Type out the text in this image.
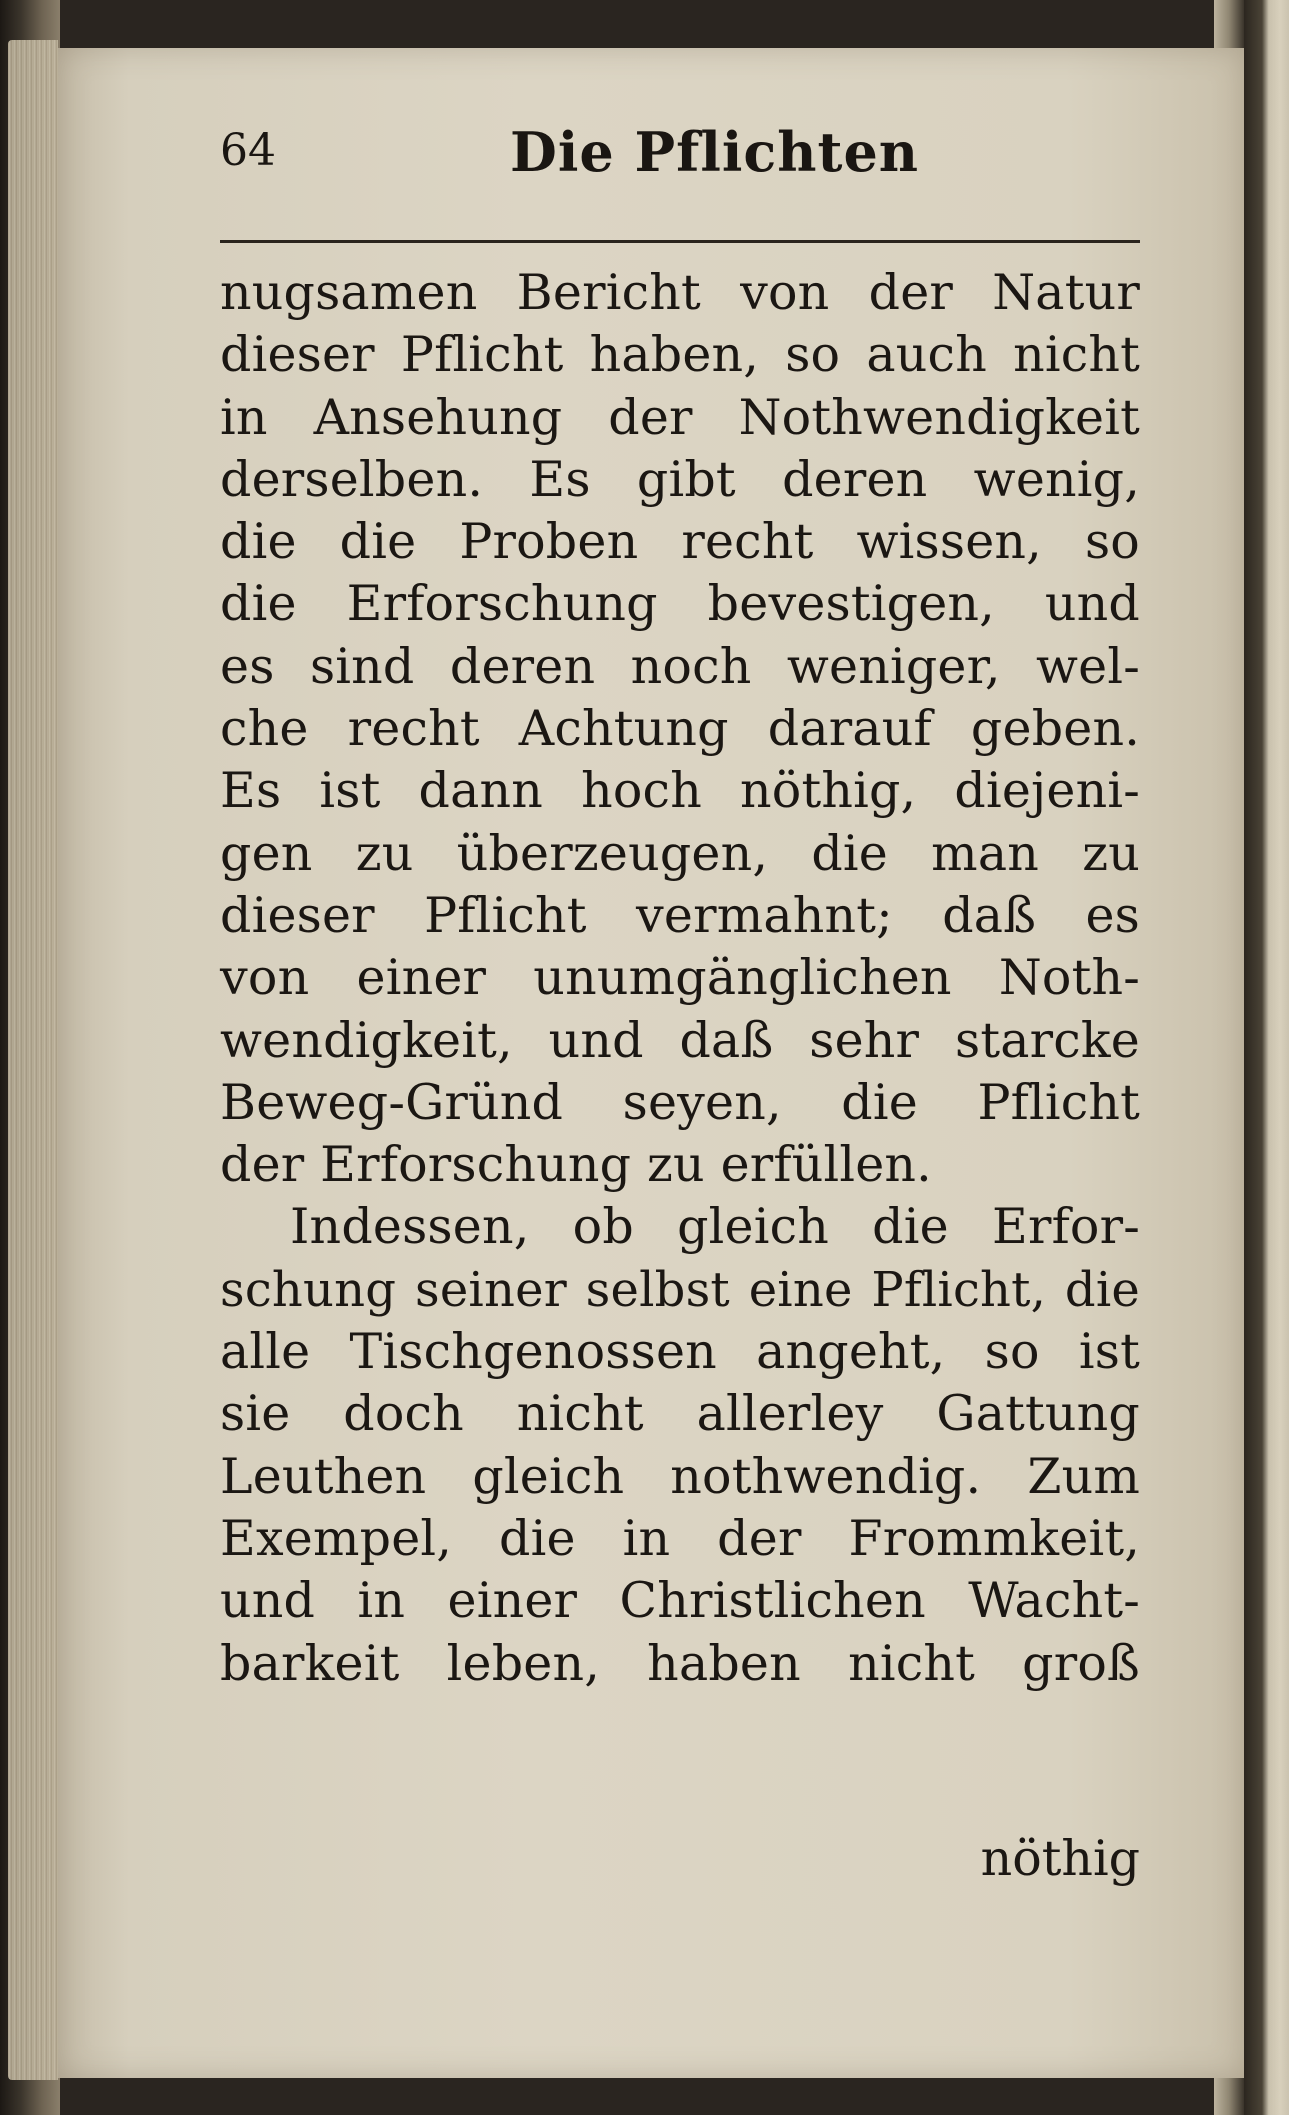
64	Die Pflichten
nugsamen Bericht von der Natur
dieser Pflicht haben, so auch nicht
in Ansehung der Nothwendigkeit
derselben. Es gibt deren wenig,
die die Proben recht wissen, so
die Erforschung bevestigen, und
es sind deren noch weniger, wel-
che recht Achtung darauf geben.
Es ist dann hoch nöthig, diejeni-
gen zu überzeugen, die man zu
dieser Pflicht vermahnt; daß es
von einer unumgänglichen Noth-
wendigkeit, und daß sehr starcke
Beweg-Gründ seyen, die Pflicht
der Erforschung zu erfüllen.
Indessen, ob gleich die Erfor-
schung seiner selbst eine Pflicht, die
alle Tischgenossen angeht, so ist
sie doch nicht allerley Gattung
Leuthen gleich nothwendig. Zum
Exempel, die in der Frommkeit,
und in einer Christlichen Wacht-
barkeit leben, haben nicht groß
nöthig
